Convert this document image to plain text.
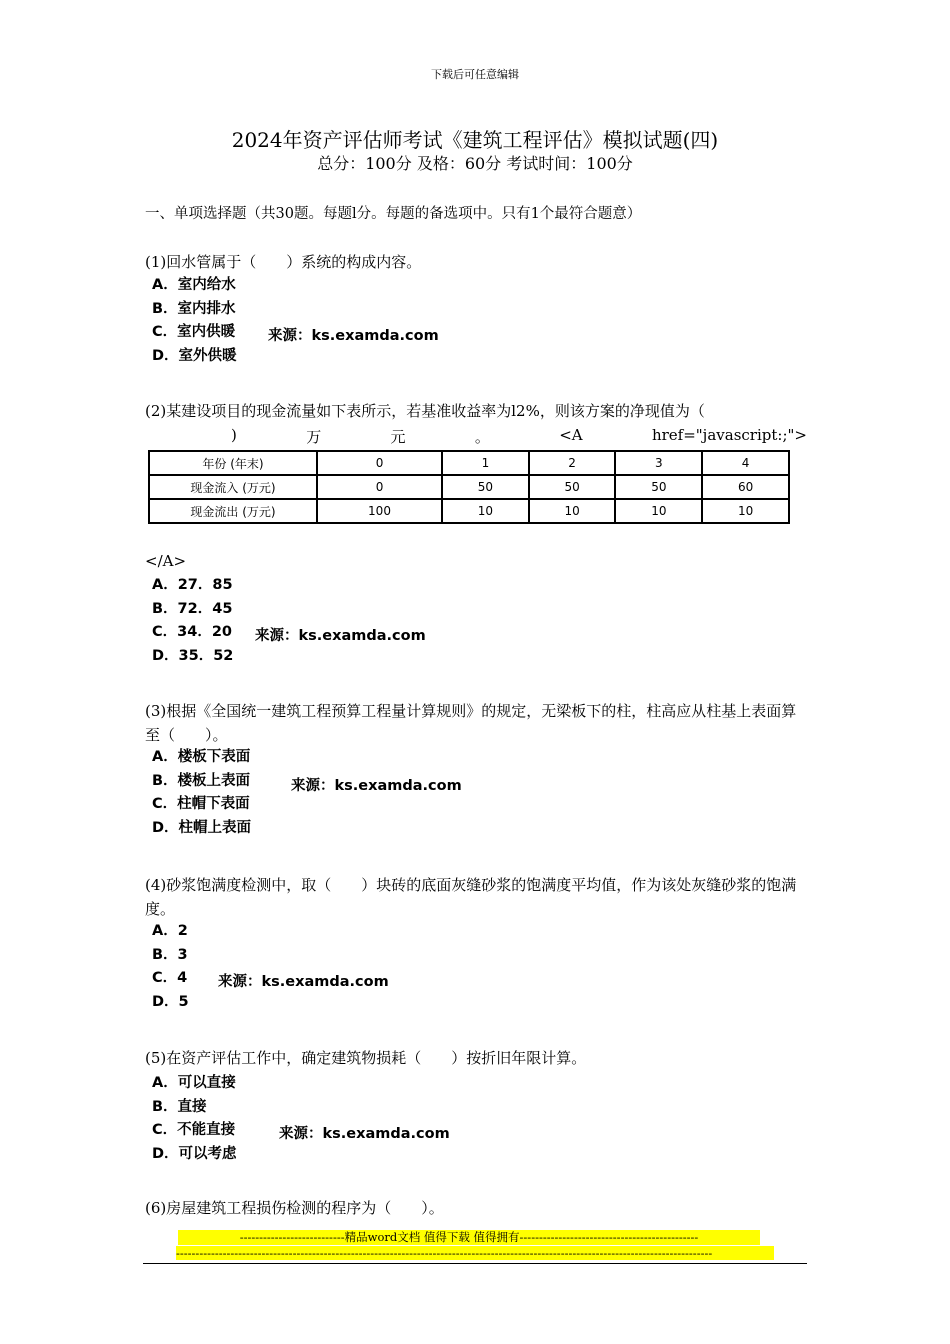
下载后可任意编辑
2024年资产评估师考试《建筑工程评估》模拟试题(四)
总分：100分 及格：60分 考试时间：100分
一、单项选择题（共30题。每题l分。每题的备选项中。只有1个最符合题意）
(1)回水管属于（　　）系统的构成内容。
A．室内给水
B．室内排水
C．室内供暖
D．室外供暖
来源：ks.examda.com
(2)某建设项目的现金流量如下表所示，若基准收益率为l2%，则该方案的净现值为（
)	万	元	。	<A	href="javascript:;">
年份 (年末)	0	1	2	3	4
现金流入 (万元)	0	50	50	50	60
现金流出 (万元)	100	10	10	10	10
</A>
A．27．85
B．72．45
C．34．20
D．35．52
来源：ks.examda.com
(3)根据《全国统一建筑工程预算工程量计算规则》的规定，无梁板下的柱，柱高应从柱基上表面算至（　　）。
A．楼板下表面
B．楼板上表面
C．柱帽下表面
D．柱帽上表面
来源：ks.examda.com
(4)砂浆饱满度检测中，取（　　）块砖的底面灰缝砂浆的饱满度平均值，作为该处灰缝砂浆的饱满度。
A．2
B．3
C．4
D．5
来源：ks.examda.com
(5)在资产评估工作中，确定建筑物损耗（　　）按折旧年限计算。
A．可以直接
B．直接
C．不能直接
D．可以考虑
来源：ks.examda.com
(6)房屋建筑工程损伤检测的程序为（　　）。
---------------------------精品word文档 值得下载 值得拥有----------------------------------------------
------------------------------------------------------------------------------------------------------------------------------------------
